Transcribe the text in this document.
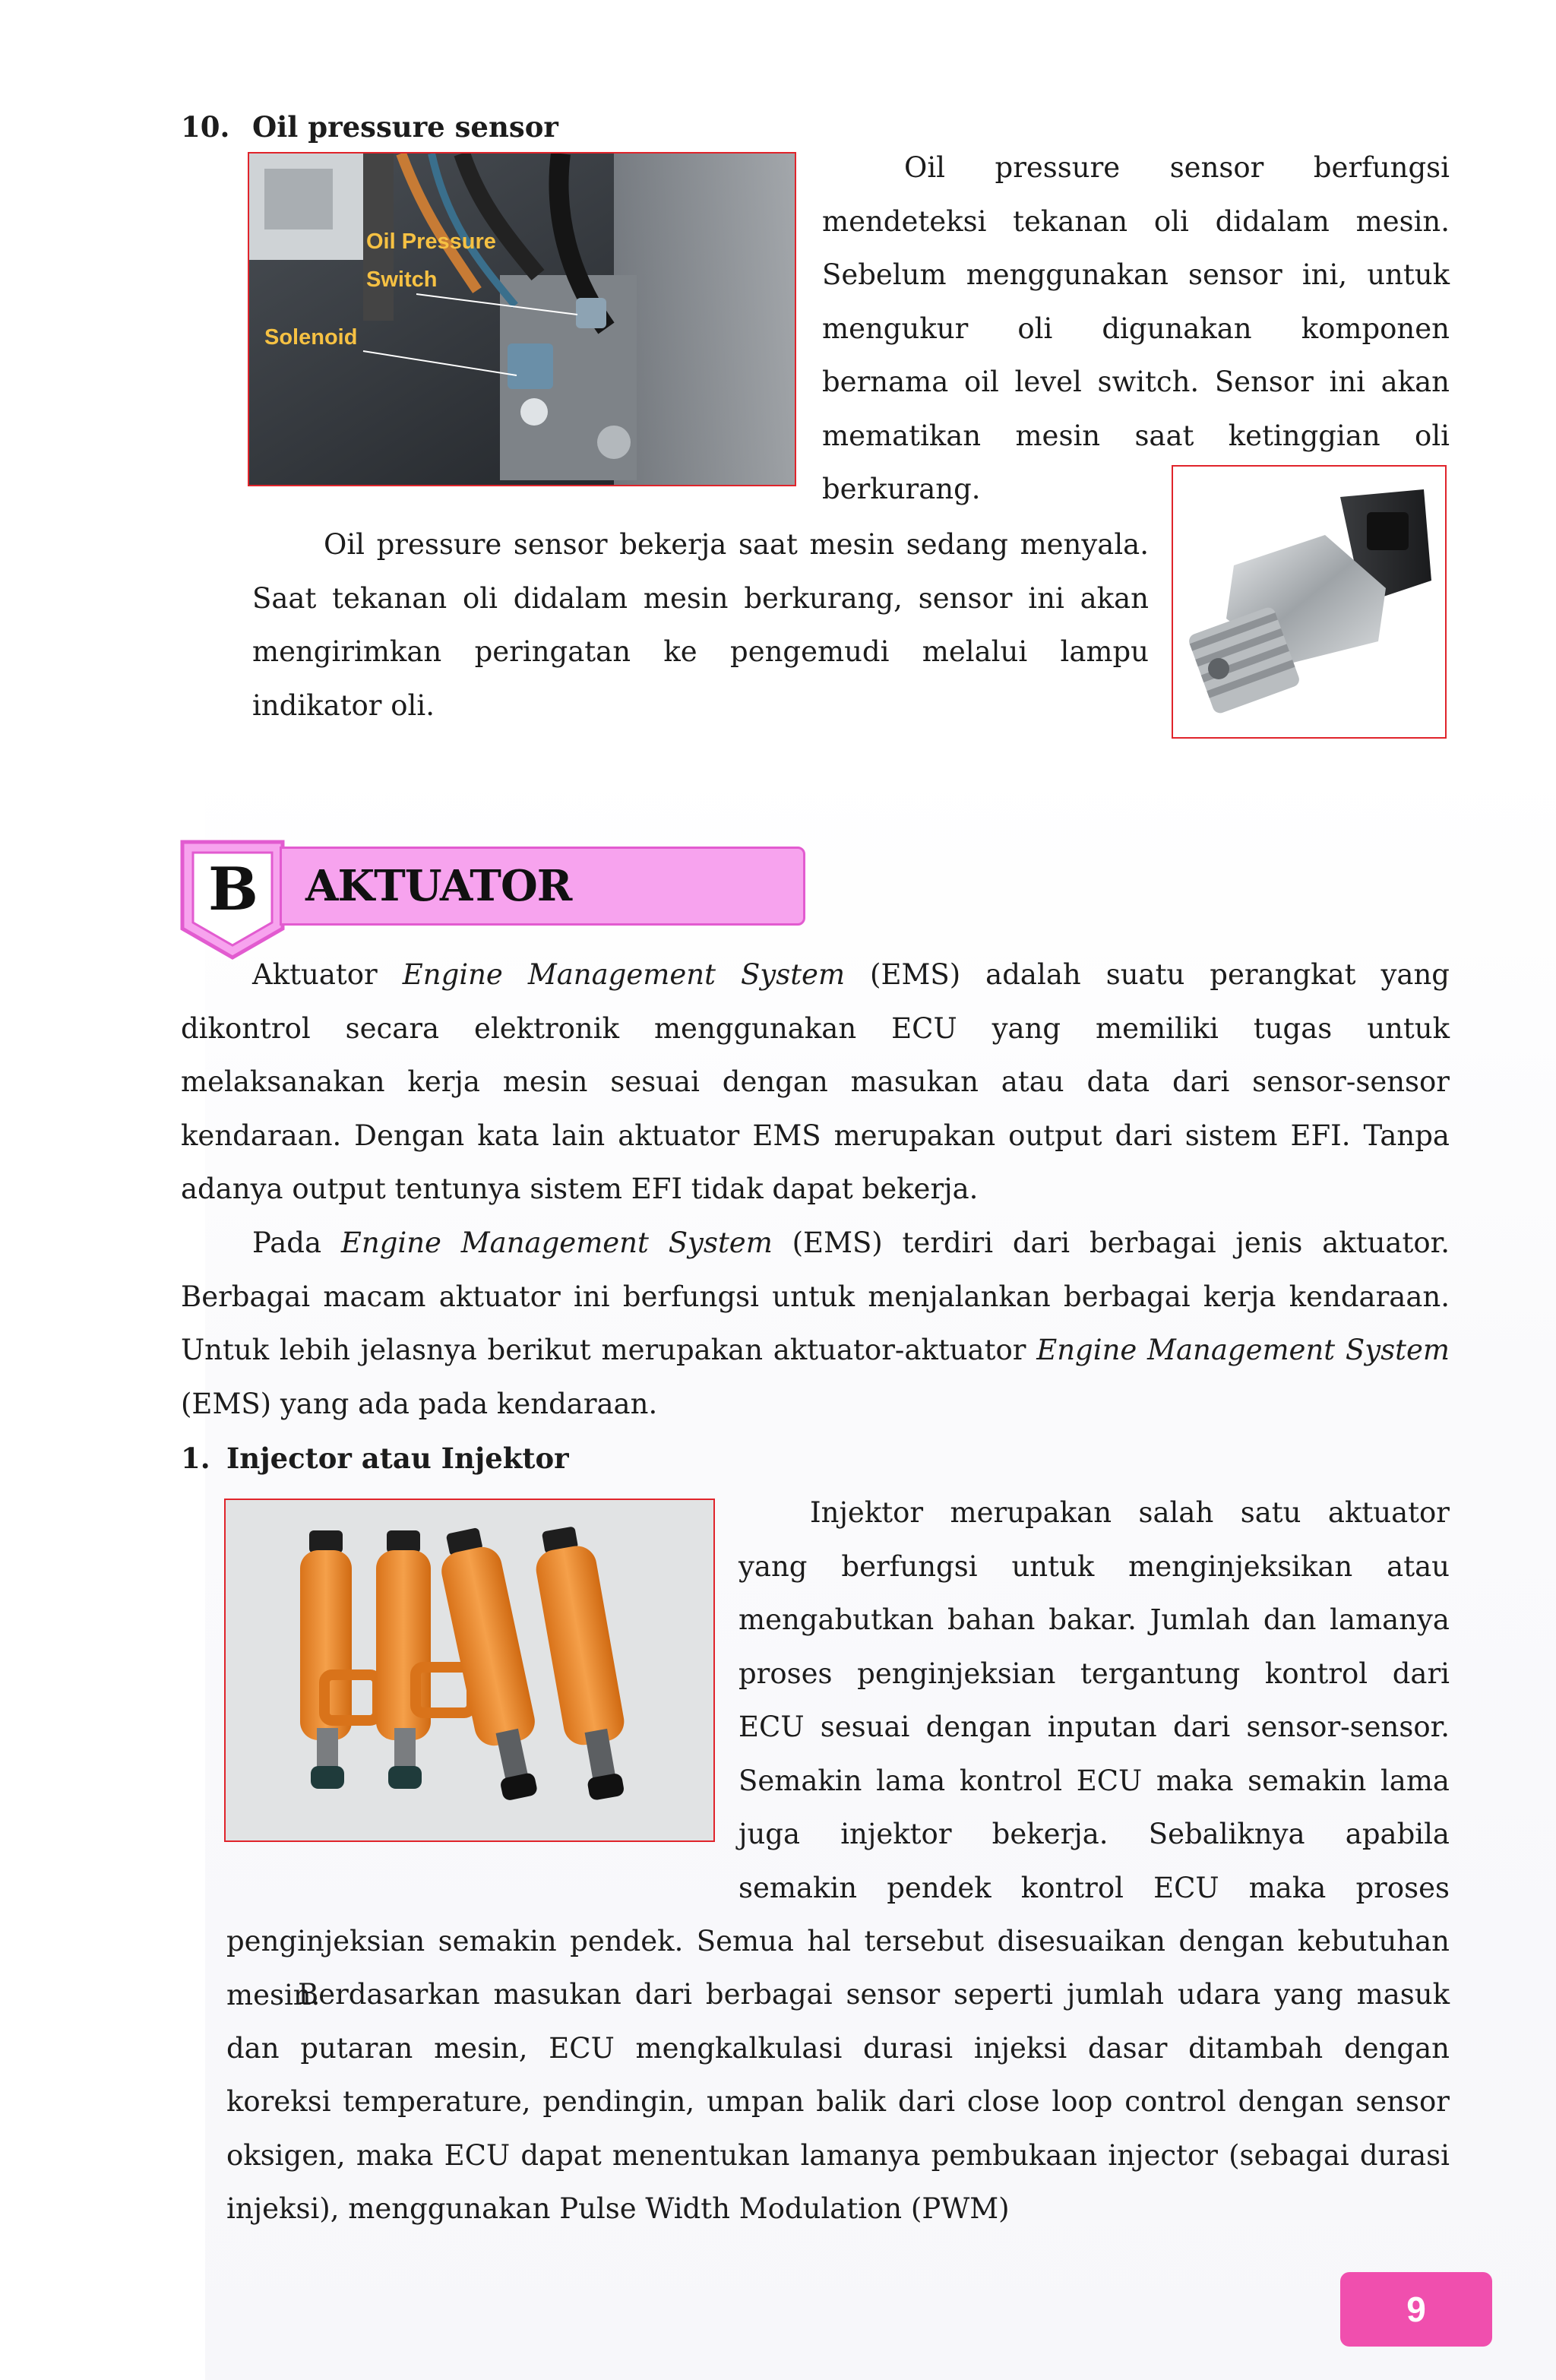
10. Oil pressure sensor
Oil Pressure
Switch
Solenoid
Oil pressure sensor berfungsi mendeteksi tekanan oli didalam mesin. Sebelum menggunakan sensor ini, untuk mengukur oli digunakan komponen bernama oil level switch. Sensor ini akan mematikan mesin saat ketinggian oli berkurang.
Oil pressure sensor bekerja saat mesin sedang menyala. Saat tekanan oli didalam mesin berkurang, sensor ini akan mengirimkan peringatan ke pengemudi melalui lampu indikator oli.
B AKTUATOR
Aktuator Engine Management System (EMS) adalah suatu perangkat yang dikontrol secara elektronik menggunakan ECU yang memiliki tugas untuk melaksanakan kerja mesin sesuai dengan masukan atau data dari sensor-sensor kendaraan. Dengan kata lain aktuator EMS merupakan output dari sistem EFI. Tanpa adanya output tentunya sistem EFI tidak dapat bekerja.
Pada Engine Management System (EMS) terdiri dari berbagai jenis aktuator. Berbagai macam aktuator ini berfungsi untuk menjalankan berbagai kerja kendaraan. Untuk lebih jelasnya berikut merupakan aktuator-aktuator Engine Management System (EMS) yang ada pada kendaraan.
1. Injector atau Injektor
Injektor merupakan salah satu aktuator yang berfungsi untuk menginjeksikan atau mengabutkan bahan bakar. Jumlah dan lamanya proses penginjeksian tergantung kontrol dari ECU sesuai dengan inputan dari sensor-sensor. Semakin lama kontrol ECU maka semakin lama juga injektor bekerja. Sebaliknya apabila semakin pendek kontrol ECU maka proses penginjeksian semakin pendek. Semua hal tersebut disesuaikan dengan kebutuhan mesin.
Berdasarkan masukan dari berbagai sensor seperti jumlah udara yang masuk dan putaran mesin, ECU mengkalkulasi durasi injeksi dasar ditambah dengan koreksi temperature, pendingin, umpan balik dari close loop control dengan sensor oksigen, maka ECU dapat menentukan lamanya pembukaan injector (sebagai durasi injeksi), menggunakan Pulse Width Modulation (PWM)
9
